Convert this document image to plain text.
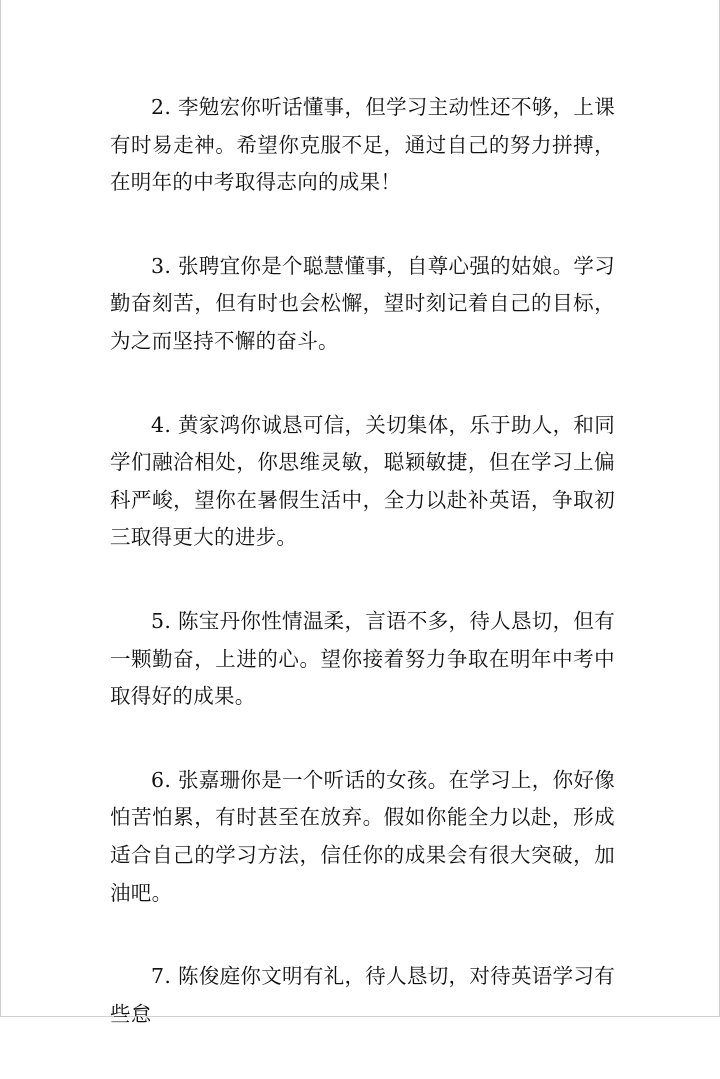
2. 李勉宏你听话懂事，但学习主动性还不够，上课有时易走神。希望你克服不足，通过自己的努力拼搏，在明年的中考取得志向的成果！

3. 张聘宜你是个聪慧懂事，自尊心强的姑娘。学习勤奋刻苦，但有时也会松懈，望时刻记着自己的目标，为之而坚持不懈的奋斗。

4. 黄家鸿你诚恳可信，关切集体，乐于助人，和同学们融洽相处，你思维灵敏，聪颖敏捷，但在学习上偏科严峻，望你在暑假生活中，全力以赴补英语，争取初三取得更大的进步。

5. 陈宝丹你性情温柔，言语不多，待人恳切，但有一颗勤奋，上进的心。望你接着努力争取在明年中考中取得好的成果。

6. 张嘉珊你是一个听话的女孩。在学习上，你好像怕苦怕累，有时甚至在放弃。假如你能全力以赴，形成适合自己的学习方法，信任你的成果会有很大突破，加油吧。

7. 陈俊庭你文明有礼，待人恳切，对待英语学习有些怠
